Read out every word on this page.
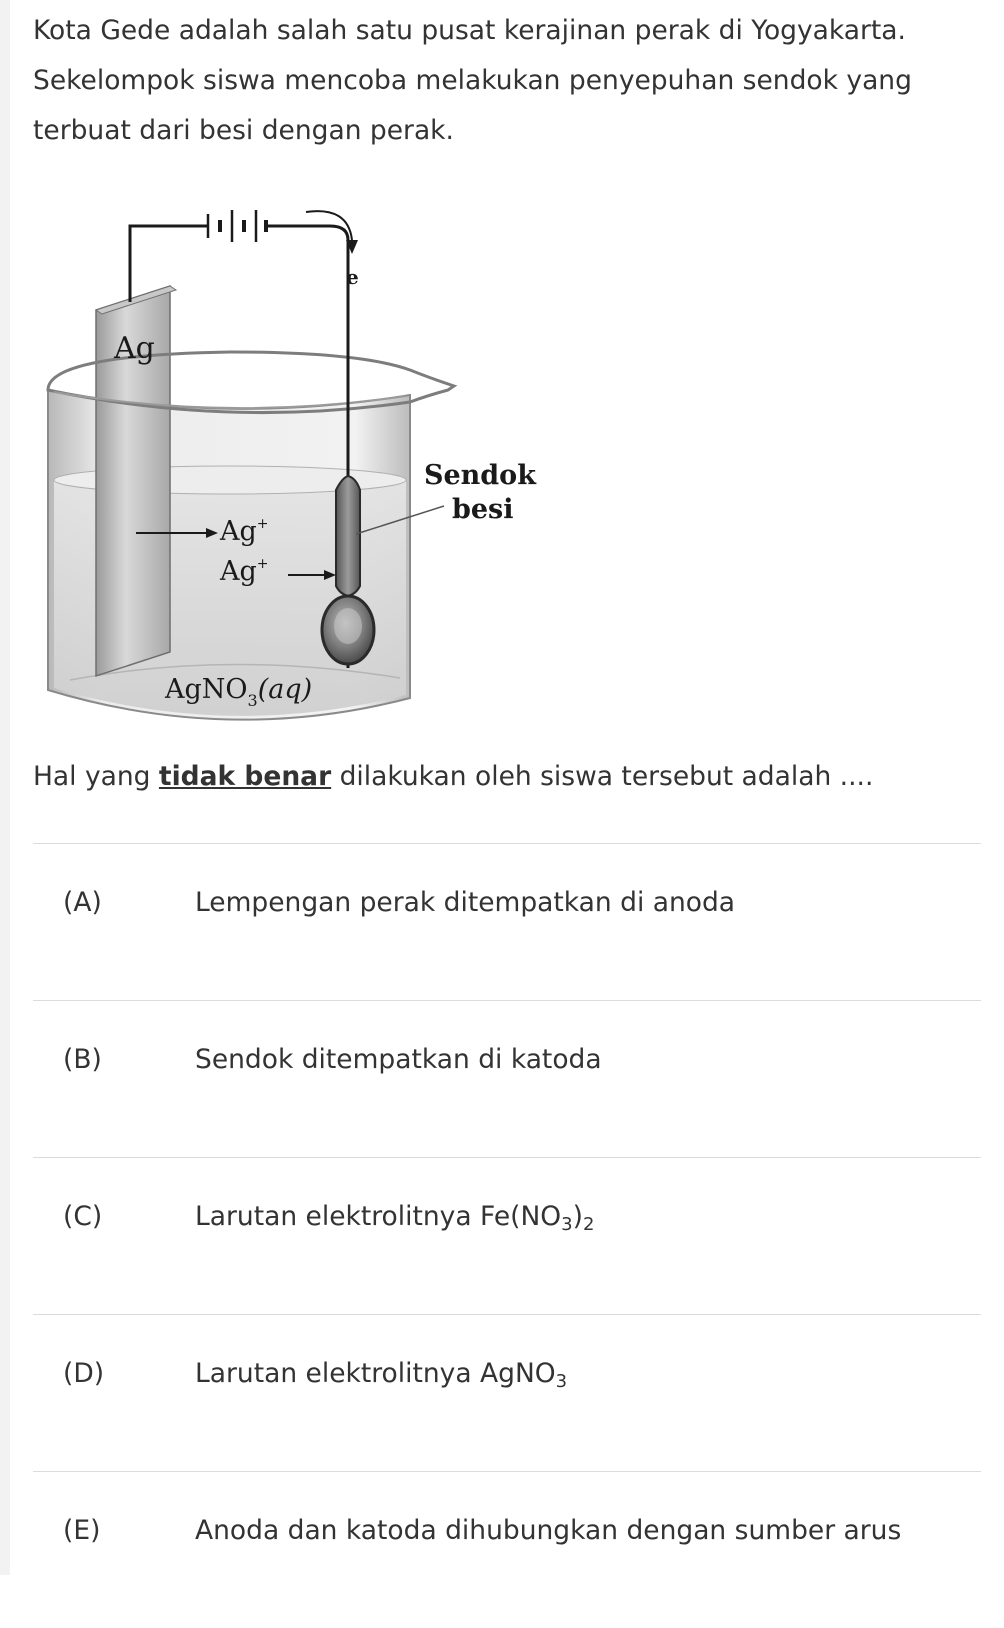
Kota Gede adalah salah satu pusat kerajinan perak di Yogyakarta. Sekelompok siswa mencoba melakukan penyepuhan sendok yang terbuat dari besi dengan perak.

Ag
e
Sendok
besi
Ag+
Ag+
AgNO$_3$(aq)

Hal yang tidak benar dilakukan oleh siswa tersebut adalah ....

(A)	Lempengan perak ditempatkan di anoda
(B)	Sendok ditempatkan di katoda
(C)	Larutan elektrolitnya $Fe(NO_3)_2$
(D)	Larutan elektrolitnya AgNO$_3$
(E)	Anoda dan katoda dihubungkan dengan sumber arus
